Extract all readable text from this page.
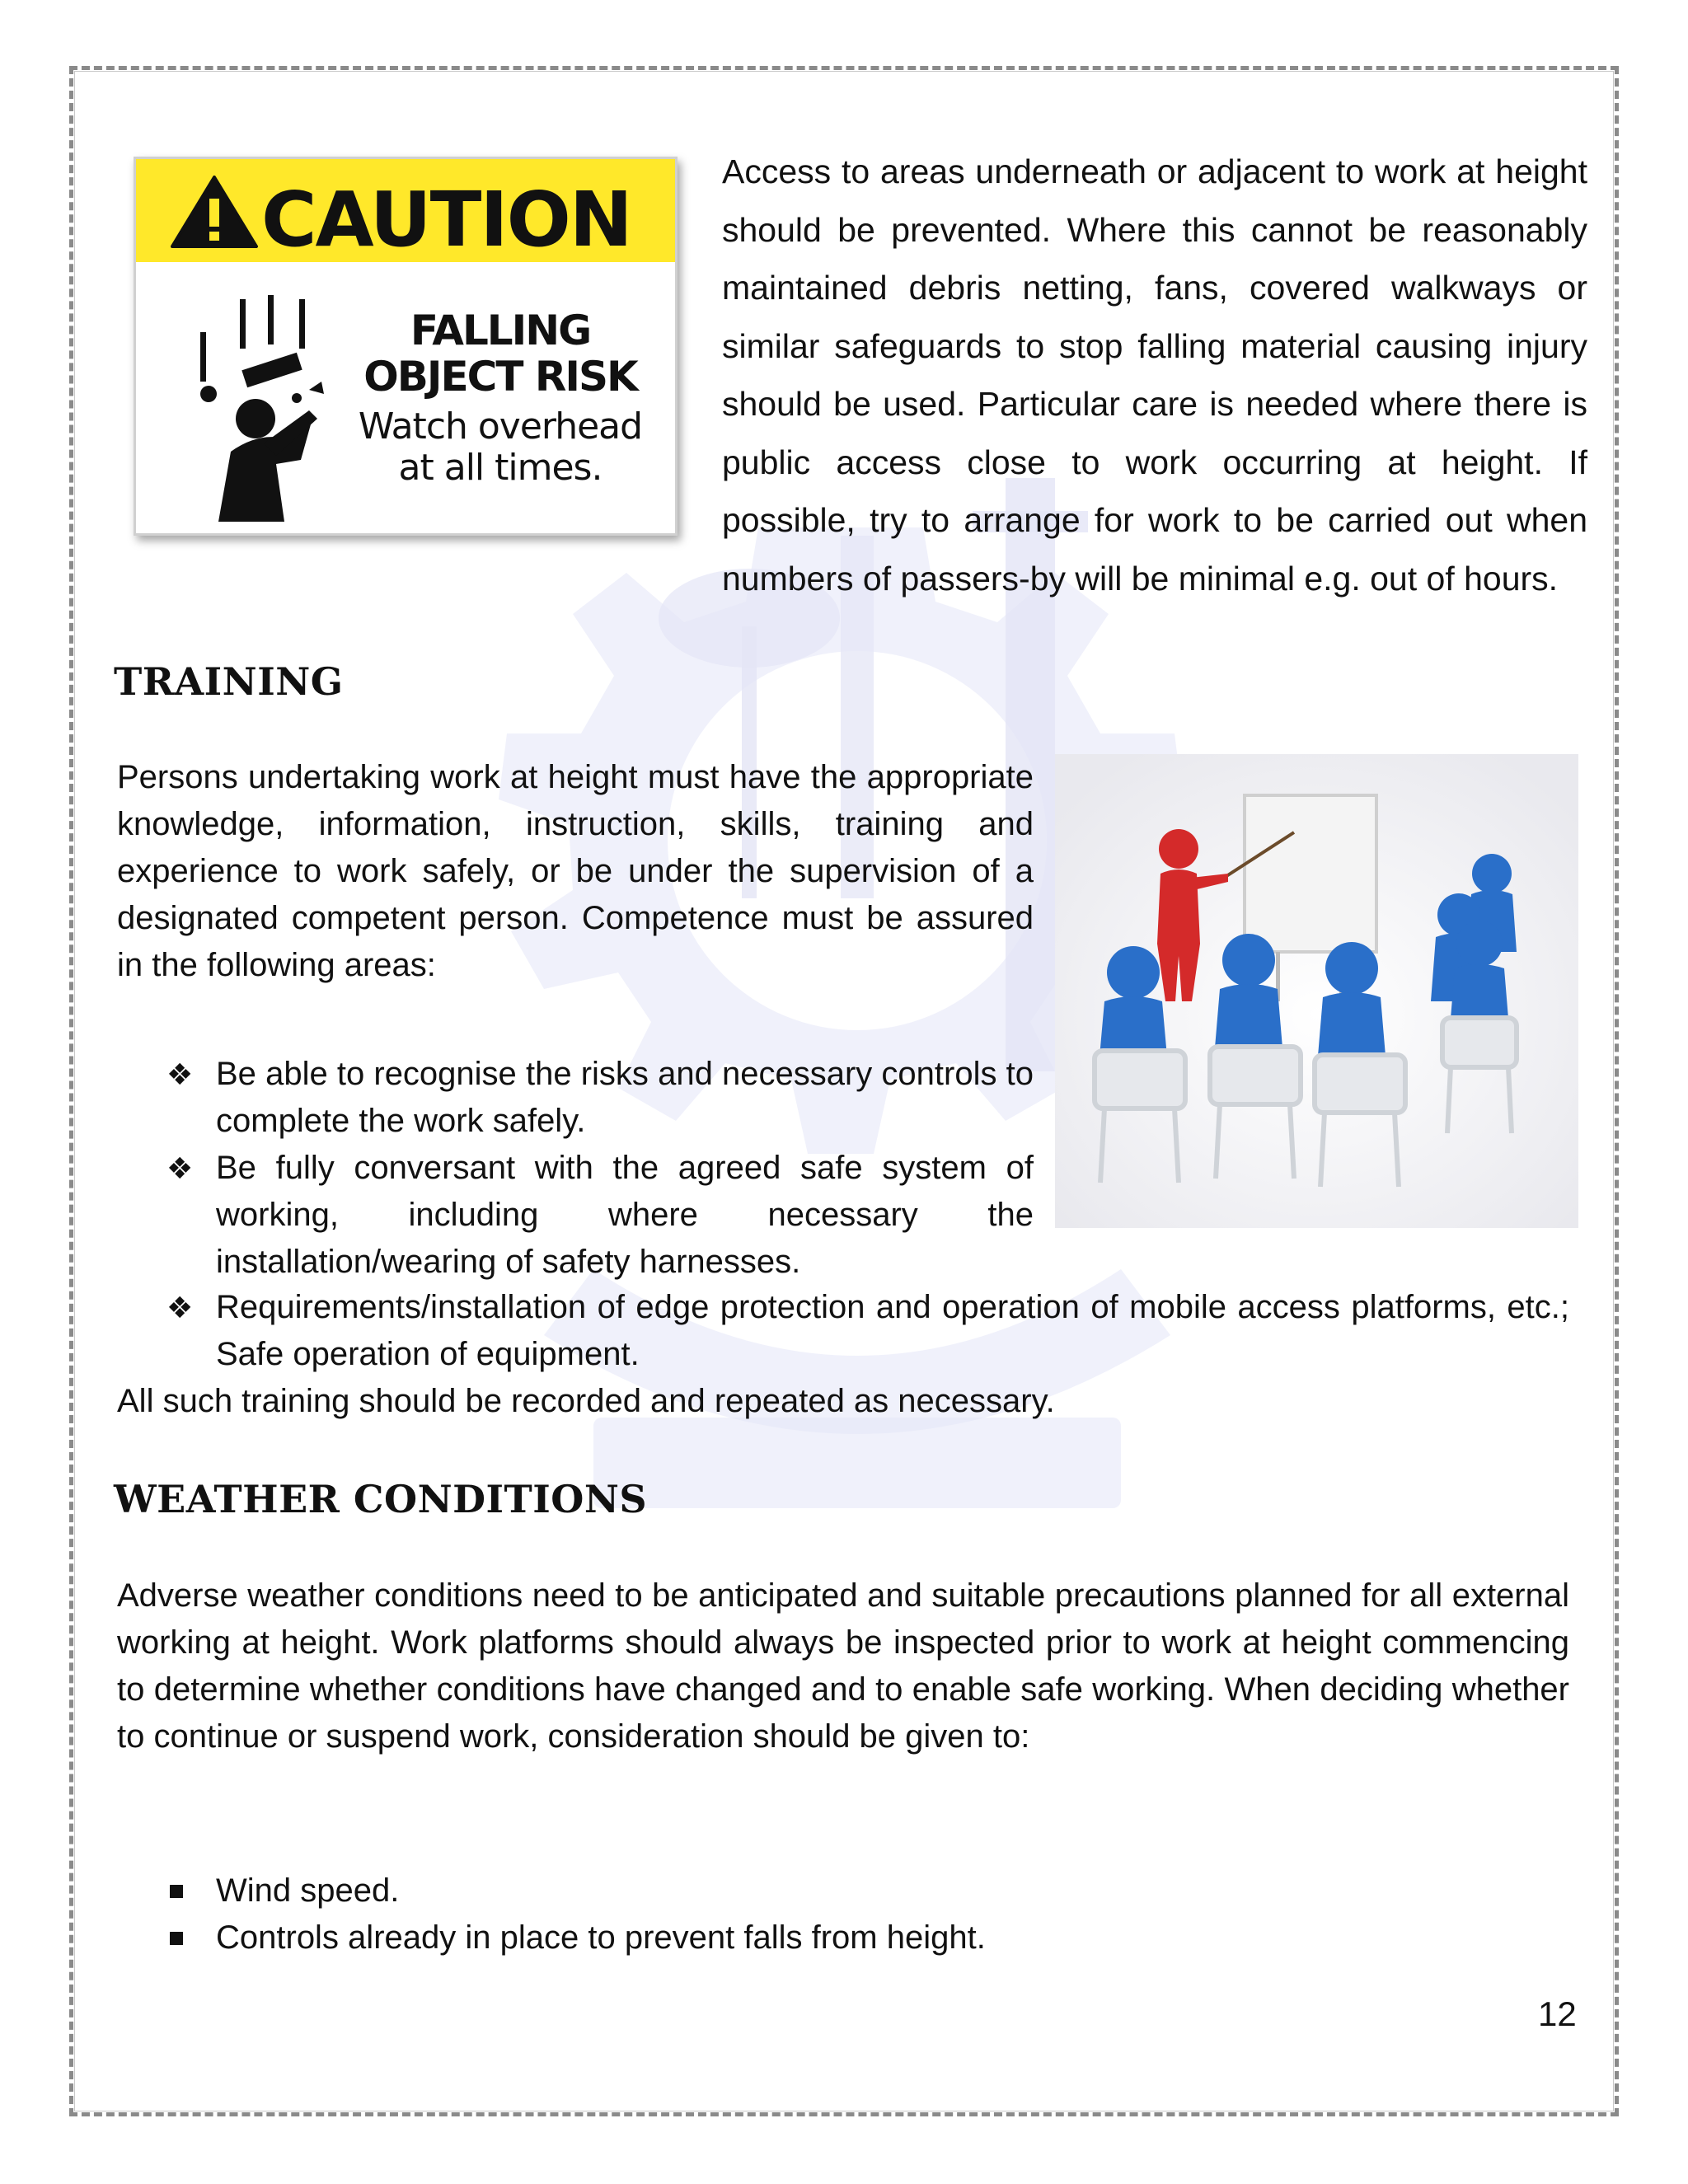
CAUTION
FALLING OBJECT RISK
Watch overhead at all times.
Access to areas underneath or adjacent to work at height should be prevented. Where this cannot be reasonably maintained debris netting, fans, covered walkways or similar safeguards to stop falling material causing injury should be used. Particular care is needed where there is public access close to work occurring at height. If possible, try to arrange for work to be carried out when numbers of passers-by will be minimal e.g. out of hours.
TRAINING
Persons undertaking work at height must have the appropriate knowledge, information, instruction, skills, training and experience to work safely, or be under the supervision of a designated competent person. Competence must be assured in the following areas:
❖ Be able to recognise the risks and necessary controls to complete the work safely.
❖ Be fully conversant with the agreed safe system of working, including where necessary the installation/wearing of safety harnesses.
❖ Requirements/installation of edge protection and operation of mobile access platforms, etc.; Safe operation of equipment.
All such training should be recorded and repeated as necessary.
WEATHER CONDITIONS
Adverse weather conditions need to be anticipated and suitable precautions planned for all external working at height. Work platforms should always be inspected prior to work at height commencing to determine whether conditions have changed and to enable safe working. When deciding whether to continue or suspend work, consideration should be given to:
Wind speed.
Controls already in place to prevent falls from height.
12
